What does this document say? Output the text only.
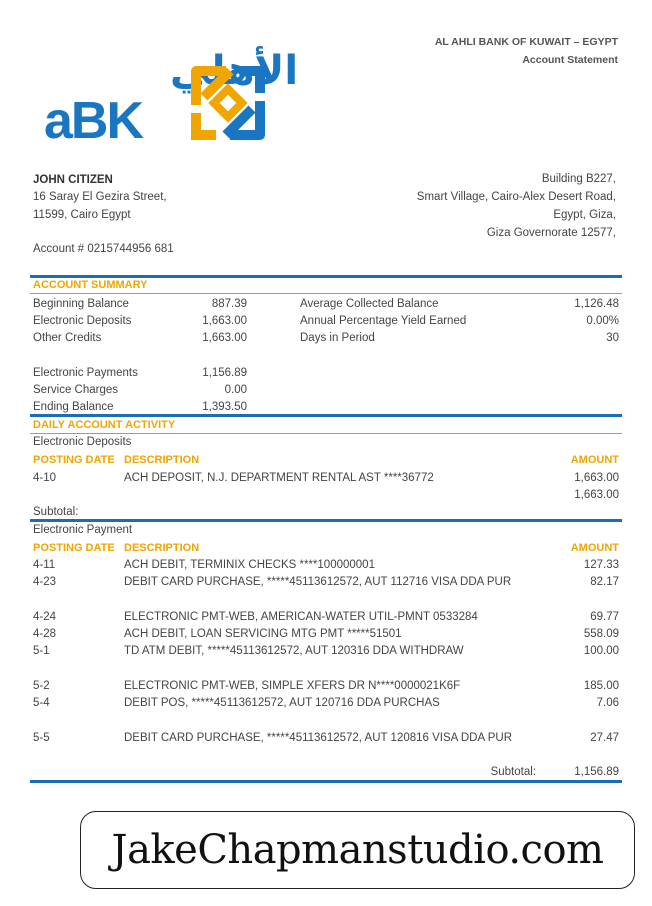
الأهلي
aBK
AL AHLI BANK OF KUWAIT – EGYPT
Account Statement
JOHN CITIZEN
16 Saray El Gezira Street,
11599, Cairo Egypt
Account # 0215744956 681
Building B227,
Smart Village, Cairo-Alex Desert Road,
Egypt, Giza,
Giza Governorate 12577,
ACCOUNT SUMMARY
Beginning Balance	887.39
Electronic Deposits	1,663.00
Other Credits	1,663.00
Electronic Payments	1,156.89
Service Charges	0.00
Ending Balance	1,393.50
Average Collected Balance	1,126.48
Annual Percentage Yield Earned	0.00%
Days in Period	30
DAILY ACCOUNT ACTIVITY
Electronic Deposits
POSTING DATE DESCRIPTION	AMOUNT
4-10	ACH DEPOSIT, N.J. DEPARTMENT RENTAL AST ****36772	1,663.00
1,663.00
Subtotal:
Electronic Payment
POSTING DATE DESCRIPTION	AMOUNT
4-11	ACH DEBIT, TERMINIX CHECKS ****100000001	127.33
4-23	DEBIT CARD PURCHASE, *****45113612572, AUT 112716 VISA DDA PUR	82.17
4-24	ELECTRONIC PMT-WEB, AMERICAN-WATER UTIL-PMNT 0533284	69.77
4-28	ACH DEBIT, LOAN SERVICING MTG PMT *****51501	558.09
5-1	TD ATM DEBIT, *****45113612572, AUT 120316 DDA WITHDRAW	100.00
5-2	ELECTRONIC PMT-WEB, SIMPLE XFERS DR N****0000021K6F	185.00
5-4	DEBIT POS, *****45113612572, AUT 120716 DDA PURCHAS	7.06
5-5	DEBIT CARD PURCHASE, *****45113612572, AUT 120816 VISA DDA PUR	27.47
Subtotal:	1,156.89
JakeChapmanstudio.com
